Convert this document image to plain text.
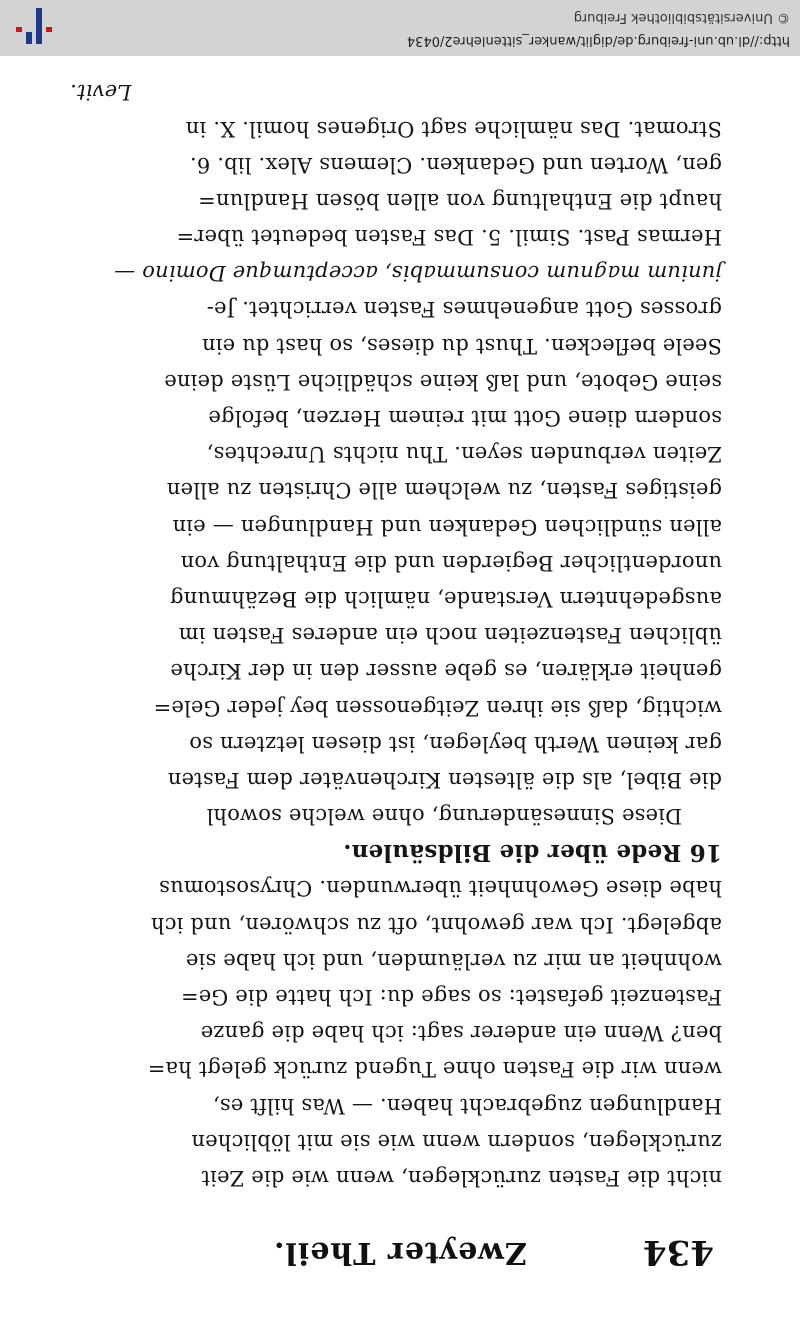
© Universitätsbibliothek Freiburg
http://dl.ub.uni-freiburg.de/diglit/wanker_sittenlehre2/0434
434
Zweyter Theil.
nicht die Fasten zurücklegen, wenn wie die Zeit
zurücklegen, sondern wenn wie sie mit löblichen
Handlungen zugebracht haben. — Was hilft es,
wenn wir die Fasten ohne Tugend zurück gelegt ha=
ben? Wenn ein anderer sagt: ich habe die ganze
Fastenzeit gefastet: so sage du: Ich hatte die Ge=
wohnheit an mir zu verläumden, und ich habe sie
abgelegt. Ich war gewohnt, oft zu schwören, und ich
habe diese Gewohnheit überwunden. Chrysostomus
16 Rede über die Bildsäulen.
Diese Sinnesänderung, ohne welche sowohl
die Bibel, als die ältesten Kirchenväter dem Fasten
gar keinen Werth beylegen, ist diesen letztern so
wichtig, daß sie ihren Zeitgenossen bey jeder Gele=
genheit erklären, es gebe ausser den in der Kirche
üblichen Fastenzeiten noch ein anderes Fasten im
ausgedehntern Verstande, nämlich die Bezähmung
unordentlicher Begierden und die Enthaltung von
allen sündlichen Gedanken und Handlungen — ein
geistiges Fasten, zu welchem alle Christen zu allen
Zeiten verbunden seyen. Thu nichts Unrechtes,
sondern diene Gott mit reinem Herzen, befolge
seine Gebote, und laß keine schädliche Lüste deine
Seele beflecken. Thust du dieses, so hast du ein
grosses Gott angenehmes Fasten verrichtet. Je-
junium magnum consummabis, acceptumque Domino —
Hermas Past. Simil. 5. Das Fasten bedeutet über=
haupt die Enthaltung von allen bösen Handlun=
gen, Worten und Gedanken. Clemens Alex. lib. 6.
Stromat. Das nämliche sagt Origenes homil. X. in
Levit.
